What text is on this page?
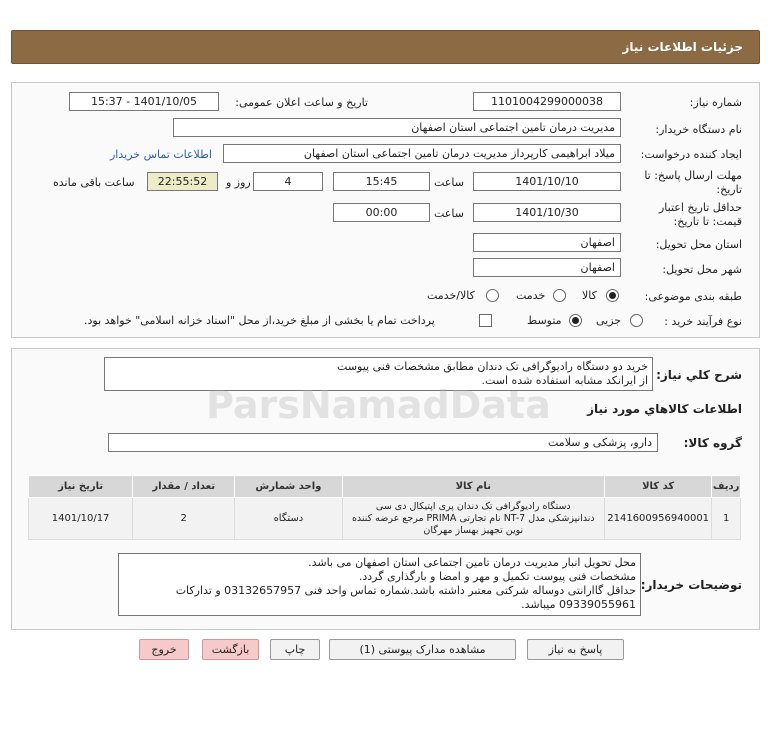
جزئیات اطلاعات نیاز
شماره نیاز:
1101004299000038
تاریخ و ساعت اعلان عمومی:
1401/10/05 - 15:37
نام دستگاه خریدار:
مدیریت درمان تامین اجتماعی استان اصفهان
ایجاد کننده درخواست:
میلاد ابراهیمی کارپرداز مدیریت درمان تامین اجتماعی استان اصفهان
اطلاعات تماس خریدار
مهلت ارسال پاسخ: تا
تاریخ:
1401/10/10
ساعت
15:45
4
روز و
22:55:52
ساعت باقی مانده
حداقل تاریخ اعتبار
قیمت: تا تاریخ:
1401/10/30
ساعت
00:00
استان محل تحویل:
اصفهان
شهر محل تحویل:
اصفهان
طبقه بندی موضوعی:
کالا
خدمت
کالا/خدمت
نوع فرآیند خرید :
جزیی
متوسط
پرداخت تمام یا بخشی از مبلغ خرید،از محل "اسناد خزانه اسلامی" خواهد بود.
شرح کلي نياز:
خرید دو دستگاه رادیوگرافی تک دندان مطابق مشخصات فنی پیوست
از ایرانکد مشابه استفاده شده است.
اطلاعات کالاهاي مورد نياز
گروه کالا:
دارو، پزشکی و سلامت
ردیف	کد کالا	نام کالا	واحد شمارش	تعداد / مقدار	تاریخ نیاز
1	2141600956940001	دستگاه رادیوگرافی تک دندان پری اپتیکال دی سی
دندانپزشکی مدل NT-7 نام تجارتی PRIMA مرجع عرضه کننده
نوین تجهیز بهساز مهرگان	دستگاه	2	1401/10/17
توضیحات خریدار:
محل تحویل انبار مدیریت درمان تامین اجتماعی استان اصفهان می باشد.
مشخصات فنی پیوست تکمیل و مهر و امضا و بارگذاری گردد.
حداقل گاارانتی دوساله شرکتی معتبر داشته باشد.شماره تماس واحد فنی 03132657957 و تدارکات
09339055961 میباشد.
ParsNamadData
پاسخ به نیاز
مشاهده مدارک پیوستی (1)
چاپ
بازگشت
خروج
